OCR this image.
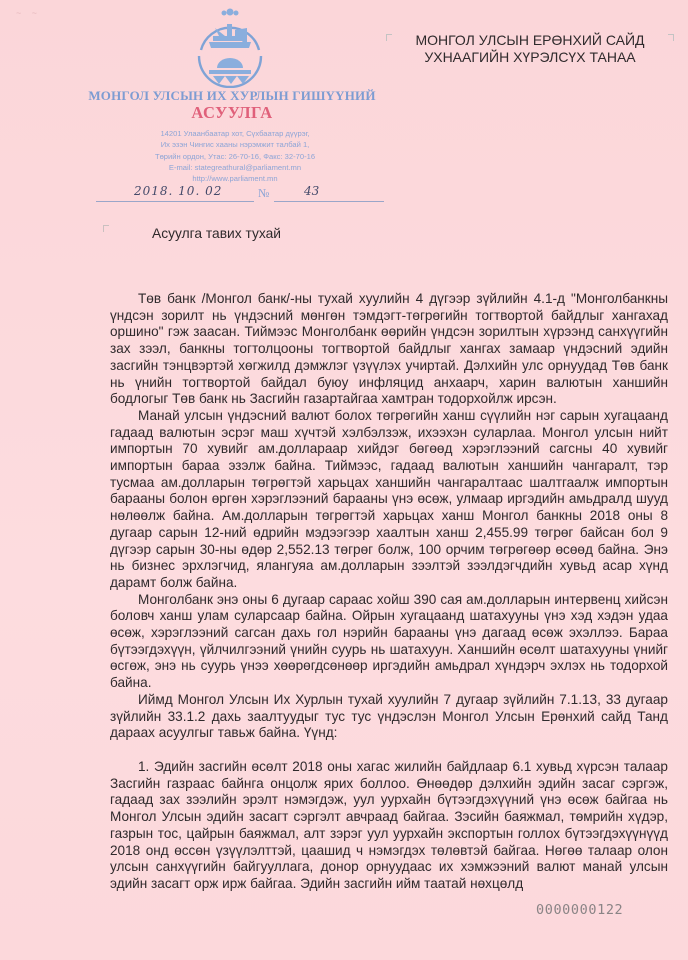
~ ~
МОНГОЛ УЛСЫН ИХ ХУРЛЫН ГИШҮҮНИЙ
АСУУЛГА
14201 Улаанбаатар хот, Сүхбаатар дүүрэг,
Их эзэн Чингис хааны нэрэмжит талбай 1,
Төрийн ордон, Утас: 26-70-16, Факс: 32-70-16
E-mail: stategreathural@parliament.mn
http://www.parliament.mn
2018. 10. 02	№	43
МОНГОЛ УЛСЫН ЕРӨНХИЙ САЙД
УХНААГИЙН ХҮРЭЛСҮХ ТАНАА
Асуулга тавих тухай

Төв банк /Монгол банк/-ны тухай хуулийн 4 дүгээр зүйлийн 4.1-д "Монголбанкны үндсэн зорилт нь үндэсний мөнгөн тэмдэгт-төгрөгийн тогтвортой байдлыг хангахад оршино" гэж заасан. Тиймээс Монголбанк өөрийн үндсэн зорилтын хүрээнд санхүүгийн зах зээл, банкны тогтолцооны тогтвортой байдлыг хангах замаар үндэсний эдийн засгийн тэнцвэртэй хөгжилд дэмжлэг үзүүлэх учиртай. Дэлхийн улс орнуудад Төв банк нь үнийн тогтвортой байдал буюу инфляцид анхаарч, харин валютын ханшийн бодлогыг Төв банк нь Засгийн газартайгаа хамтран тодорхойлж ирсэн.

Манай улсын үндэсний валют болох төгрөгийн ханш сүүлийн нэг сарын хугацаанд гадаад валютын эсрэг маш хүчтэй хэлбэлзэж, ихээхэн суларлаа. Монгол улсын нийт импортын 70 хувийг ам.доллараар хийдэг бөгөөд хэрэглээний сагсны 40 хувийг импортын бараа эзэлж байна. Тиймээс, гадаад валютын ханшийн чангаралт, тэр тусмаа ам.долларын төгрөгтэй харьцах ханшийн чангаралтаас шалтгаалж импортын барааны болон өргөн хэрэглээний барааны үнэ өсөж, улмаар иргэдийн амьдралд шууд нөлөөлж байна. Ам.долларын төгрөгтэй харьцах ханш Монгол банкны 2018 оны 8 дугаар сарын 12-ний өдрийн мэдээгээр хаалтын ханш 2,455.99 төгрөг байсан бол 9 дүгээр сарын 30-ны өдөр 2,552.13 төгрөг болж, 100 орчим төгрөгөөр өсөөд байна. Энэ нь бизнес эрхлэгчид, ялангуяа ам.долларын зээлтэй зээлдэгчдийн хувьд асар хүнд дарамт болж байна.

Монголбанк энэ оны 6 дугаар сараас хойш 390 сая ам.долларын интервенц хийсэн боловч ханш улам суларсаар байна. Ойрын хугацаанд шатахууны үнэ хэд хэдэн удаа өсөж, хэрэглээний сагсан дахь гол нэрийн барааны үнэ дагаад өсөж эхэллээ. Бараа бүтээгдэхүүн, үйлчилгээний үнийн суурь нь шатахуун. Ханшийн өсөлт шатахууны үнийг өсгөж, энэ нь суурь үнээ хөөрөгдсөнөөр иргэдийн амьдрал хүндэрч эхлэх нь тодорхой байна.

Иймд Монгол Улсын Их Хурлын тухай хуулийн 7 дугаар зүйлийн 7.1.13, 33 дугаар зүйлийн 33.1.2 дахь заалтуудыг тус тус үндэслэн Монгол Улсын Ерөнхий сайд Танд дараах асуулгыг тавьж байна. Үүнд:

1. Эдийн засгийн өсөлт 2018 оны хагас жилийн байдлаар 6.1 хувьд хүрсэн талаар Засгийн газраас байнга онцолж ярих боллоо. Өнөөдөр дэлхийн эдийн засаг сэргэж, гадаад зах зээлийн эрэлт нэмэгдэж, уул уурхайн бүтээгдэхүүний үнэ өсөж байгаа нь Монгол Улсын эдийн засагт сэргэлт авчраад байгаа. Зэсийн баяжмал, төмрийн хүдэр, газрын тос, цайрын баяжмал, алт зэрэг уул уурхайн экспортын голлох бүтээгдэхүүнүүд 2018 онд өссөн үзүүлэлттэй, цаашид ч нэмэгдэх төлөвтэй байгаа. Нөгөө талаар олон улсын санхүүгийн байгууллага, донор орнуудаас их хэмжээний валют манай улсын эдийн засагт орж ирж байгаа. Эдийн засгийн ийм таатай нөхцөлд

0000000122
